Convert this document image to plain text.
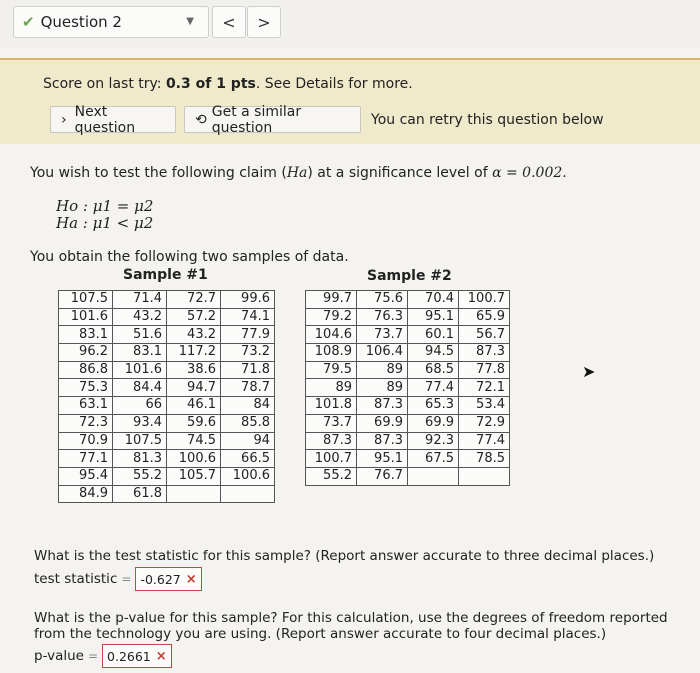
✔ Question 2	▼	<	>
Score on last try: 0.3 of 1 pts. See Details for more.
› Next question	⟲ Get a similar question	You can retry this question below
You wish to test the following claim (Ha) at a significance level of α = 0.002.
Ho : μ1 = μ2
Ha : μ1 < μ2
You obtain the following two samples of data.
Sample #1	Sample #2
107.5	71.4	72.7	99.6
101.6	43.2	57.2	74.1
83.1	51.6	43.2	77.9
96.2	83.1	117.2	73.2
86.8	101.6	38.6	71.8
75.3	84.4	94.7	78.7
63.1	66	46.1	84
72.3	93.4	59.6	85.8
70.9	107.5	74.5	94
77.1	81.3	100.6	66.5
95.4	55.2	105.7	100.6
84.9	61.8		
99.7	75.6	70.4	100.7
79.2	76.3	95.1	65.9
104.6	73.7	60.1	56.7
108.9	106.4	94.5	87.3
79.5	89	68.5	77.8
89	89	77.4	72.1
101.8	87.3	65.3	53.4
73.7	69.9	69.9	72.9
87.3	87.3	92.3	77.4
100.7	95.1	67.5	78.5
55.2	76.7		
➤
What is the test statistic for this sample? (Report answer accurate to three decimal places.)
test statistic = -0.627 ×
What is the p-value for this sample? For this calculation, use the degrees of freedom reported from the technology you are using. (Report answer accurate to four decimal places.)
p-value = 0.2661 ×
